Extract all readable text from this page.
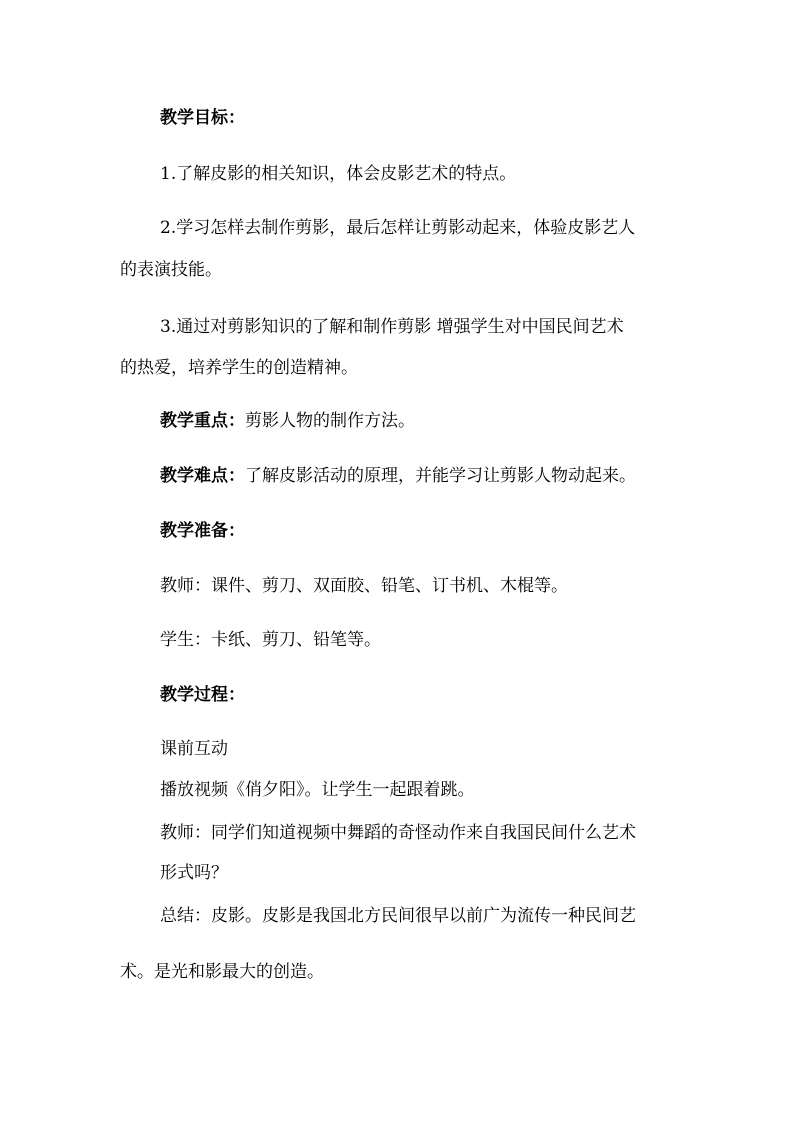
教学目标：
1.了解皮影的相关知识，体会皮影艺术的特点。
2.学习怎样去制作剪影，最后怎样让剪影动起来，体验皮影艺人
的表演技能。
3.通过对剪影知识的了解和制作剪影 增强学生对中国民间艺术
的热爱，培养学生的创造精神。
教学重点：剪影人物的制作方法。
教学难点：了解皮影活动的原理，并能学习让剪影人物动起来。
教学准备：
教师：课件、剪刀、双面胶、铅笔、订书机、木棍等。
学生：卡纸、剪刀、铅笔等。
教学过程：
课前互动
播放视频《俏夕阳》。让学生一起跟着跳。
教师：同学们知道视频中舞蹈的奇怪动作来自我国民间什么艺术
形式吗？
总结：皮影。皮影是我国北方民间很早以前广为流传一种民间艺
术。是光和影最大的创造。
